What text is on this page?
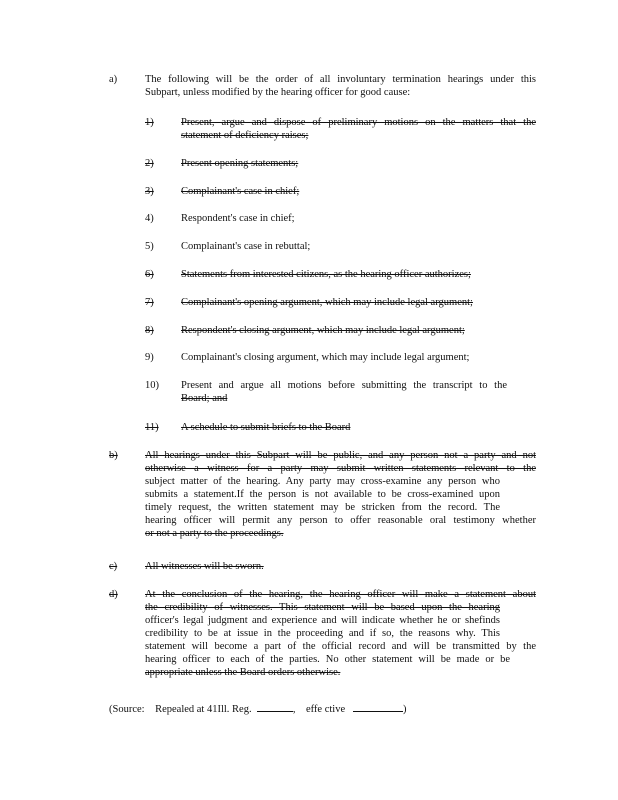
a)	The following will be the order of all involuntary termination hearings under this
Subpart, unless modified by the hearing officer for good cause:
1)	Present, argue and dispose of preliminary motions on the matters that the
statement of deficiency raises;
2)	Present opening statements;
3)	Complainant's case in chief;
4)	Respondent's case in chief;
5)	Complainant's case in rebuttal;
6)	Statements from interested citizens, as the hearing officer authorizes;
7)	Complainant's opening argument, which may include legal argument;
8)	Respondent's closing argument, which may include legal argument;
9)	Complainant's closing argument, which may include legal argument;
10) Present and argue all motions before submitting the transcript to the
Board; and
11) A schedule to submit briefs to the Board
b)	All hearings under this Subpart will be public, and any person not a party and not
otherwise a witness for a party may submit written statements relevant to the
subject matter of the hearing. Any party may cross-examine any person who
submits a statement.If the person is not available to be cross-examined upon
timely request, the written statement may be stricken from the record. The
hearing officer will permit any person to offer reasonable oral testimony whether
or not a party to the proceedings.
c)	All witnesses will be sworn.
d)	At the conclusion of the hearing, the hearing officer will make a statement about
the credibility of witnesses. This statement will be based upon the hearing
officer's legal judgment and experience and will indicate whether he or shefinds
credibility to be at issue in the proceeding and if so, the reasons why. This
statement will become a part of the official record and will be transmitted by the
hearing officer to each of the parties. No other statement will be made or be
appropriate unless the Board orders otherwise.
(Source: Repealed at 41Ill. Reg.	, effe ctive	)
